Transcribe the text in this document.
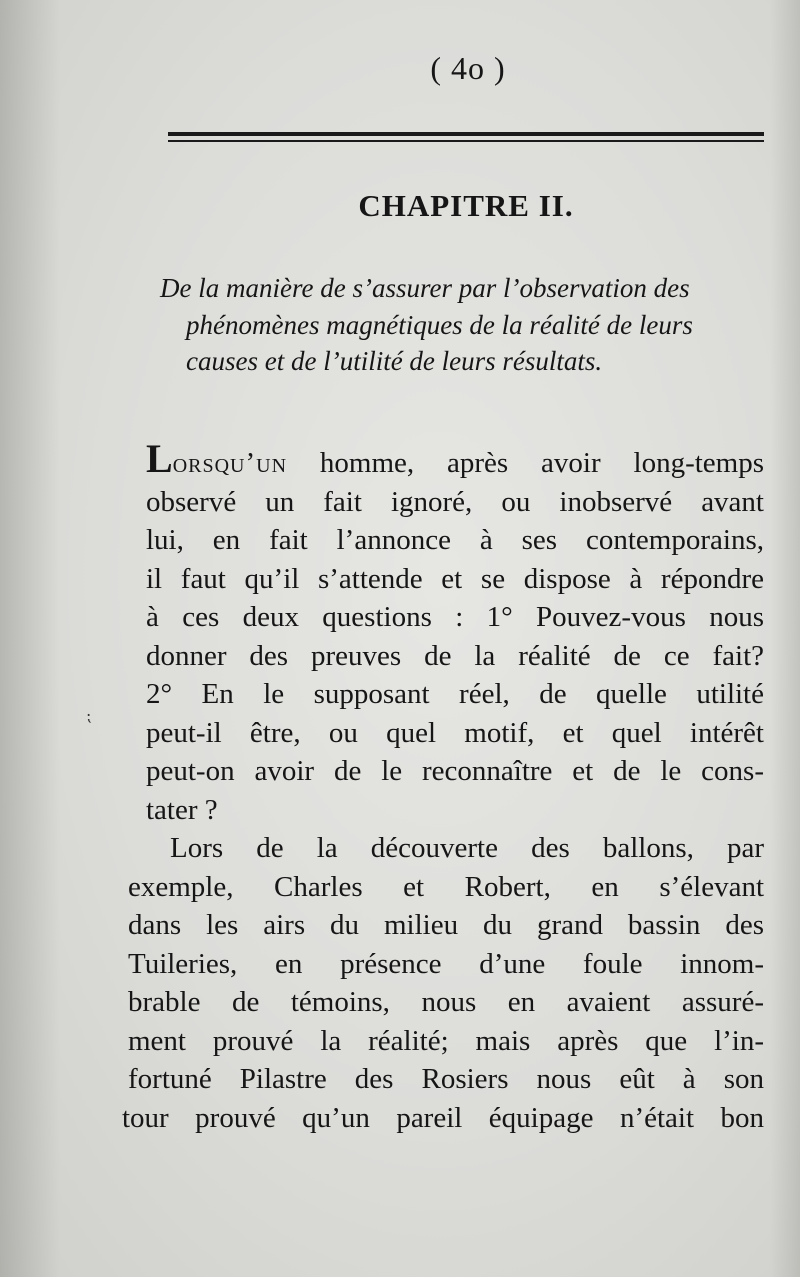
( 4o )
CHAPITRE II.
De la manière de s’assurer par l’observation des
phénomènes magnétiques de la réalité de leurs
causes et de l’utilité de leurs résultats.
⁏
Lorsqu’un homme, après avoir long-temps
observé un fait ignoré, ou inobservé avant
lui, en fait l’annonce à ses contemporains,
il faut qu’il s’attende et se dispose à répondre
à ces deux questions : 1° Pouvez-vous nous
donner des preuves de la réalité de ce fait?
2° En le supposant réel, de quelle utilité
peut-il être, ou quel motif, et quel intérêt
peut-on avoir de le reconnaître et de le cons-
tater ?
Lors de la découverte des ballons, par
exemple, Charles et Robert, en s’élevant
dans les airs du milieu du grand bassin des
Tuileries, en présence d’une foule innom-
brable de témoins, nous en avaient assuré-
ment prouvé la réalité; mais après que l’in-
fortuné Pilastre des Rosiers nous eût à son
tour prouvé qu’un pareil équipage n’était bon
